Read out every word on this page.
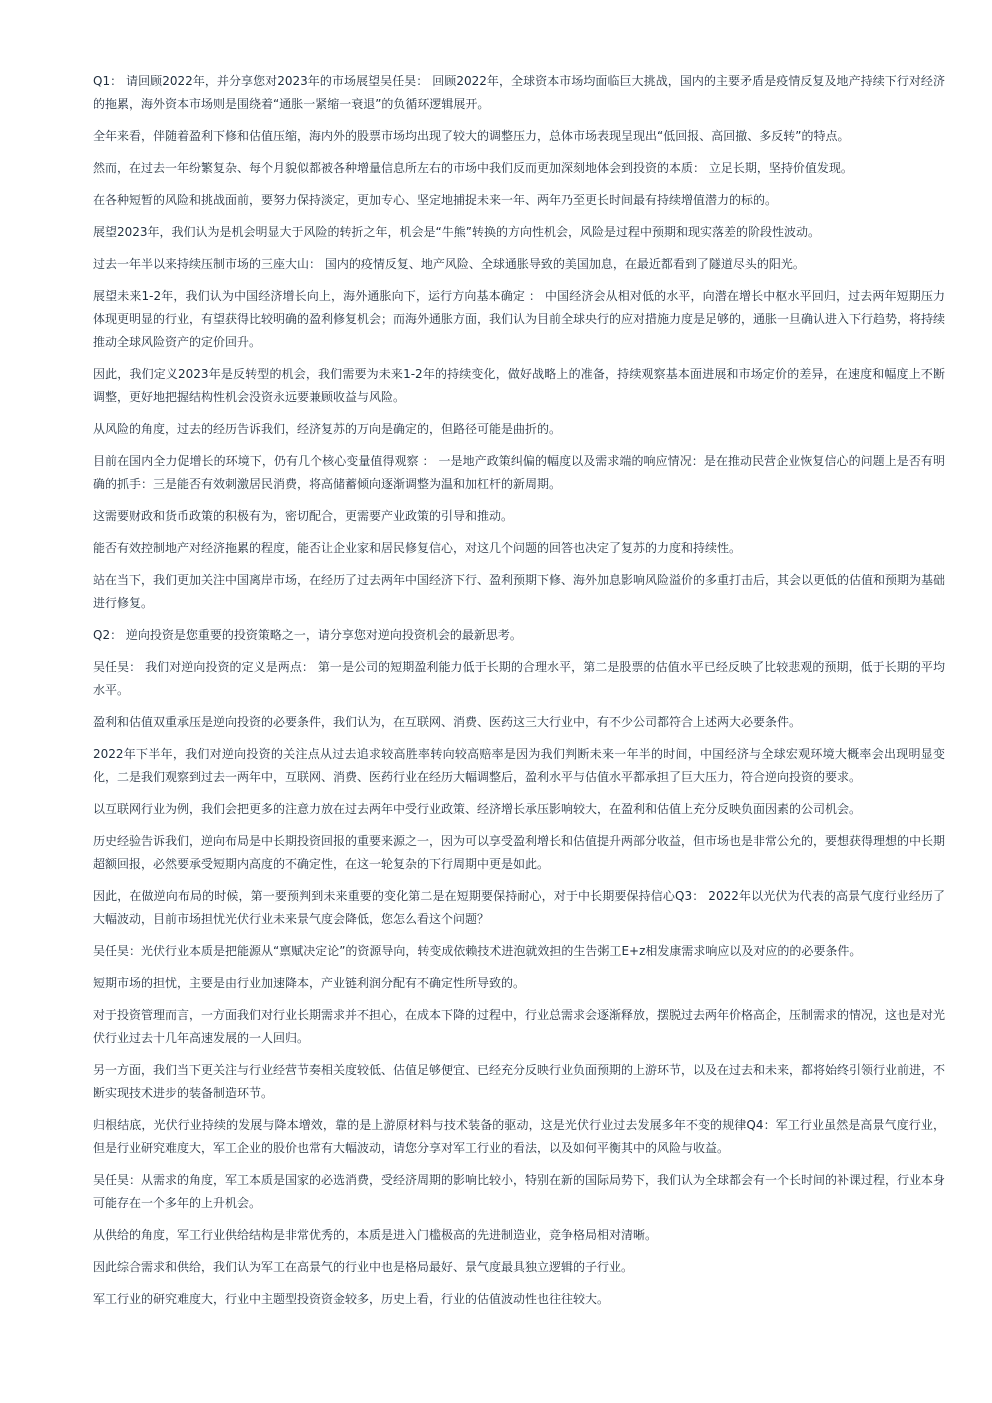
Q1： 请回顾2022年，并分享您对2023年的市场展望吴任昊： 回顾2022年，全球资本市场均面临巨大挑战，国内的主要矛盾是疫情反复及地产持续下行对经济的拖累，海外资本市场则是围绕着“通胀一紧缩一衰退”的负循环逻辑展开。

全年来看，伴随着盈利下修和估值压缩，海内外的股票市场均出现了较大的调整压力，总体市场表现呈现出“低回报、高回撤、多反转”的特点。

然而，在过去一年纷繁复杂、每个月貌似都被各种增量信息所左右的市场中我们反而更加深刻地体会到投资的本质： 立足长期，坚持价值发现。

在各种短暂的风险和挑战面前，要努力保持淡定，更加专心、坚定地捕捉未来一年、两年乃至更长时间最有持续增值潜力的标的。

展望2023年，我们认为是机会明显大于风险的转折之年，机会是“牛熊”转换的方向性机会，风险是过程中预期和现实落差的阶段性波动。

过去一年半以来持续压制市场的三座大山： 国内的疫情反复、地产风险、全球通胀导致的美国加息，在最近都看到了隧道尽头的阳光。

展望未来1-2年，我们认为中国经济增长向上，海外通胀向下，运行方向基本确定 ： 中国经济会从相对低的水平，向潜在增长中枢水平回归，过去两年短期压力体现更明显的行业，有望获得比较明确的盈利修复机会；而海外通胀方面，我们认为目前全球央行的应对措施力度是足够的，通胀一旦确认进入下行趋势，将持续推动全球风险资产的定价回升。

因此，我们定义2023年是反转型的机会，我们需要为未来1-2年的持续变化，做好战略上的准备，持续观察基本面进展和市场定价的差异，在速度和幅度上不断调整，更好地把握结构性机会没资永远要兼顾收益与风险。

从风险的角度，过去的经历告诉我们，经济复苏的万向是确定的，但路径可能是曲折的。

目前在国内全力促增长的环境下，仍有几个核心变量值得观察 ： 一是地产政策纠偏的幅度以及需求端的响应情况：是在推动民营企业恢复信心的问题上是否有明确的抓手：三是能否有效刺激居民消费，将高储蓄倾向逐渐调整为温和加杠杆的新周期。

这需要财政和货币政策的积极有为，密切配合，更需要产业政策的引导和推动。

能否有效控制地产对经济拖累的程度，能否让企业家和居民修复信心，对这几个问题的回答也决定了复苏的力度和持续性。

站在当下，我们更加关注中国离岸市场，在经历了过去两年中国经济下行、盈利预期下修、海外加息影响风险溢价的多重打击后，其会以更低的估值和预期为基础进行修复。

Q2： 逆向投资是您重要的投资策略之一，请分享您对逆向投资机会的最新思考。

吴任昊： 我们对逆向投资的定义是两点： 第一是公司的短期盈利能力低于长期的合理水平，第二是股票的估值水平已经反映了比较悲观的预期，低于长期的平均水平。

盈利和估值双重承压是逆向投资的必要条件，我们认为，在互联网、消费、医药这三大行业中，有不少公司都符合上述两大必要条件。

2022年下半年，我们对逆向投资的关注点从过去追求较高胜率转向较高赔率是因为我们判断未来一年半的时间，中国经济与全球宏观环境大概率会出现明显变化，二是我们观察到过去一两年中，互联网、消费、医药行业在经历大幅调整后，盈利水平与估值水平都承担了巨大压力，符合逆向投资的要求。

以互联网行业为例，我们会把更多的注意力放在过去两年中受行业政策、经济增长承压影响较大，在盈利和估值上充分反映负面因素的公司机会。

历史经验告诉我们，逆向布局是中长期投资回报的重要来源之一，因为可以享受盈利增长和估值提升两部分收益，但市场也是非常公允的，要想获得理想的中长期超额回报，必然要承受短期内高度的不确定性，在这一轮复杂的下行周期中更是如此。

因此，在做逆向布局的时候，第一要预判到未来重要的变化第二是在短期要保持耐心，对于中长期要保持信心Q3： 2022年以光伏为代表的高景气度行业经历了大幅波动，目前市场担忧光伏行业未来景气度会降低，您怎么看这个问题？

吴任昊：光伏行业本质是把能源从“禀赋决定论”的资源导向，转变成依赖技术进泡就效担的生告粥工E+z相发康需求响应以及对应的的必要条件。

短期市场的担忧，主要是由行业加速降本，产业链利润分配有不确定性所导致的。

对于投资管理而言，一方面我们对行业长期需求并不担心，在成本下降的过程中，行业总需求会逐渐释放，摆脱过去两年价格高企，压制需求的情况，这也是对光伏行业过去十几年高速发展的一人回归。

另一方面，我们当下更关注与行业经营节奏相关度较低、估值足够便宜、已经充分反映行业负面预期的上游环节，以及在过去和未来，都将始终引领行业前进，不断实现技术进步的装备制造环节。

归根结底，光伏行业持续的发展与降本增效，靠的是上游原材料与技术装备的驱动，这是光伏行业过去发展多年不变的规律Q4：军工行业虽然是高景气度行业，但是行业研究难度大，军工企业的股价也常有大幅波动，请您分享对军工行业的看法，以及如何平衡其中的风险与收益。

吴任昊：从需求的角度，军工本质是国家的必选消费，受经济周期的影响比较小，特别在新的国际局势下，我们认为全球都会有一个长时间的补课过程，行业本身可能存在一个多年的上升机会。

从供给的角度，军工行业供给结构是非常优秀的，本质是进入门槛极高的先进制造业，竞争格局相对清晰。

因此综合需求和供给，我们认为军工在高景气的行业中也是格局最好、景气度最具独立逻辑的子行业。

军工行业的研究难度大，行业中主题型投资资金较多，历史上看，行业的估值波动性也往往较大。
